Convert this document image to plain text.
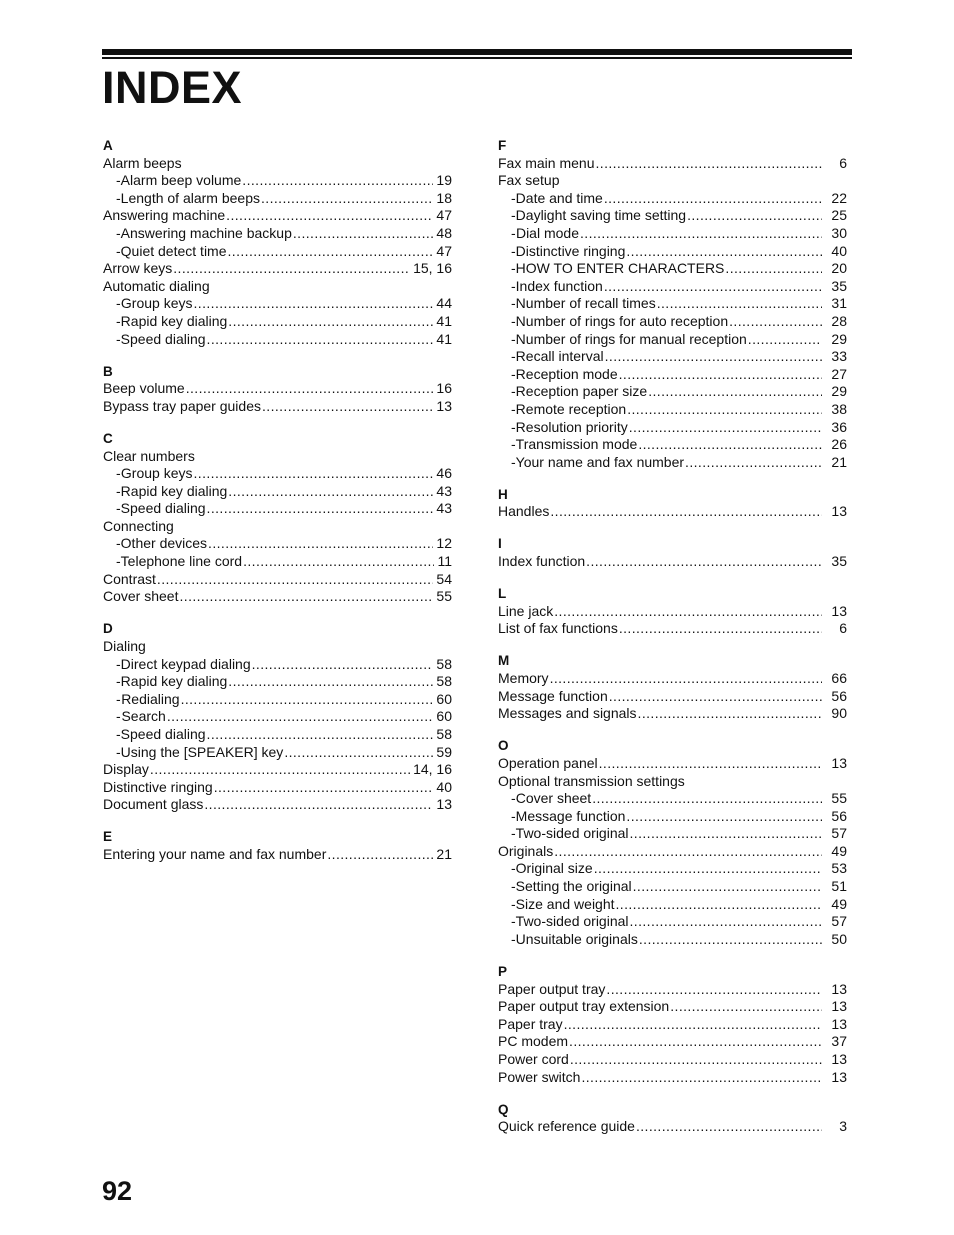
INDEX
A
Alarm beeps
- Alarm beep volume .....	19
- Length of alarm beeps .....	18
Answering machine .....	47
- Answering machine backup .....	48
- Quiet detect time .....	47
Arrow keys .....	15, 16
Automatic dialing
- Group keys .....	44
- Rapid key dialing .....	41
- Speed dialing .....	41
B
Beep volume .....	16
Bypass tray paper guides .....	13
C
Clear numbers
- Group keys .....	46
- Rapid key dialing .....	43
- Speed dialing .....	43
Connecting
- Other devices .....	12
- Telephone line cord .....	11
Contrast .....	54
Cover sheet .....	55
D
Dialing
- Direct keypad dialing .....	58
- Rapid key dialing .....	58
- Redialing .....	60
- Search .....	60
- Speed dialing .....	58
- Using the [SPEAKER] key .....	59
Display .....	14, 16
Distinctive ringing .....	40
Document glass .....	13
E
Entering your name and fax number .....	21
F
Fax main menu .....	6
Fax setup
- Date and time .....	22
- Daylight saving time setting .....	25
- Dial mode .....	30
- Distinctive ringing .....	40
- HOW TO ENTER CHARACTERS .....	20
- Index function .....	35
- Number of recall times .....	31
- Number of rings for auto reception .....	28
- Number of rings for manual reception .....	29
- Recall interval .....	33
- Reception mode .....	27
- Reception paper size .....	29
- Remote reception .....	38
- Resolution priority .....	36
- Transmission mode .....	26
- Your name and fax number .....	21
H
Handles .....	13
I
Index function .....	35
L
Line jack .....	13
List of fax functions .....	6
M
Memory .....	66
Message function .....	56
Messages and signals .....	90
O
Operation panel .....	13
Optional transmission settings
- Cover sheet .....	55
- Message function .....	56
- Two-sided original .....	57
Originals .....	49
- Original size .....	53
- Setting the original .....	51
- Size and weight .....	49
- Two-sided original .....	57
- Unsuitable originals .....	50
P
Paper output tray .....	13
Paper output tray extension .....	13
Paper tray .....	13
PC modem .....	37
Power cord .....	13
Power switch .....	13
Q
Quick reference guide .....	3
92
